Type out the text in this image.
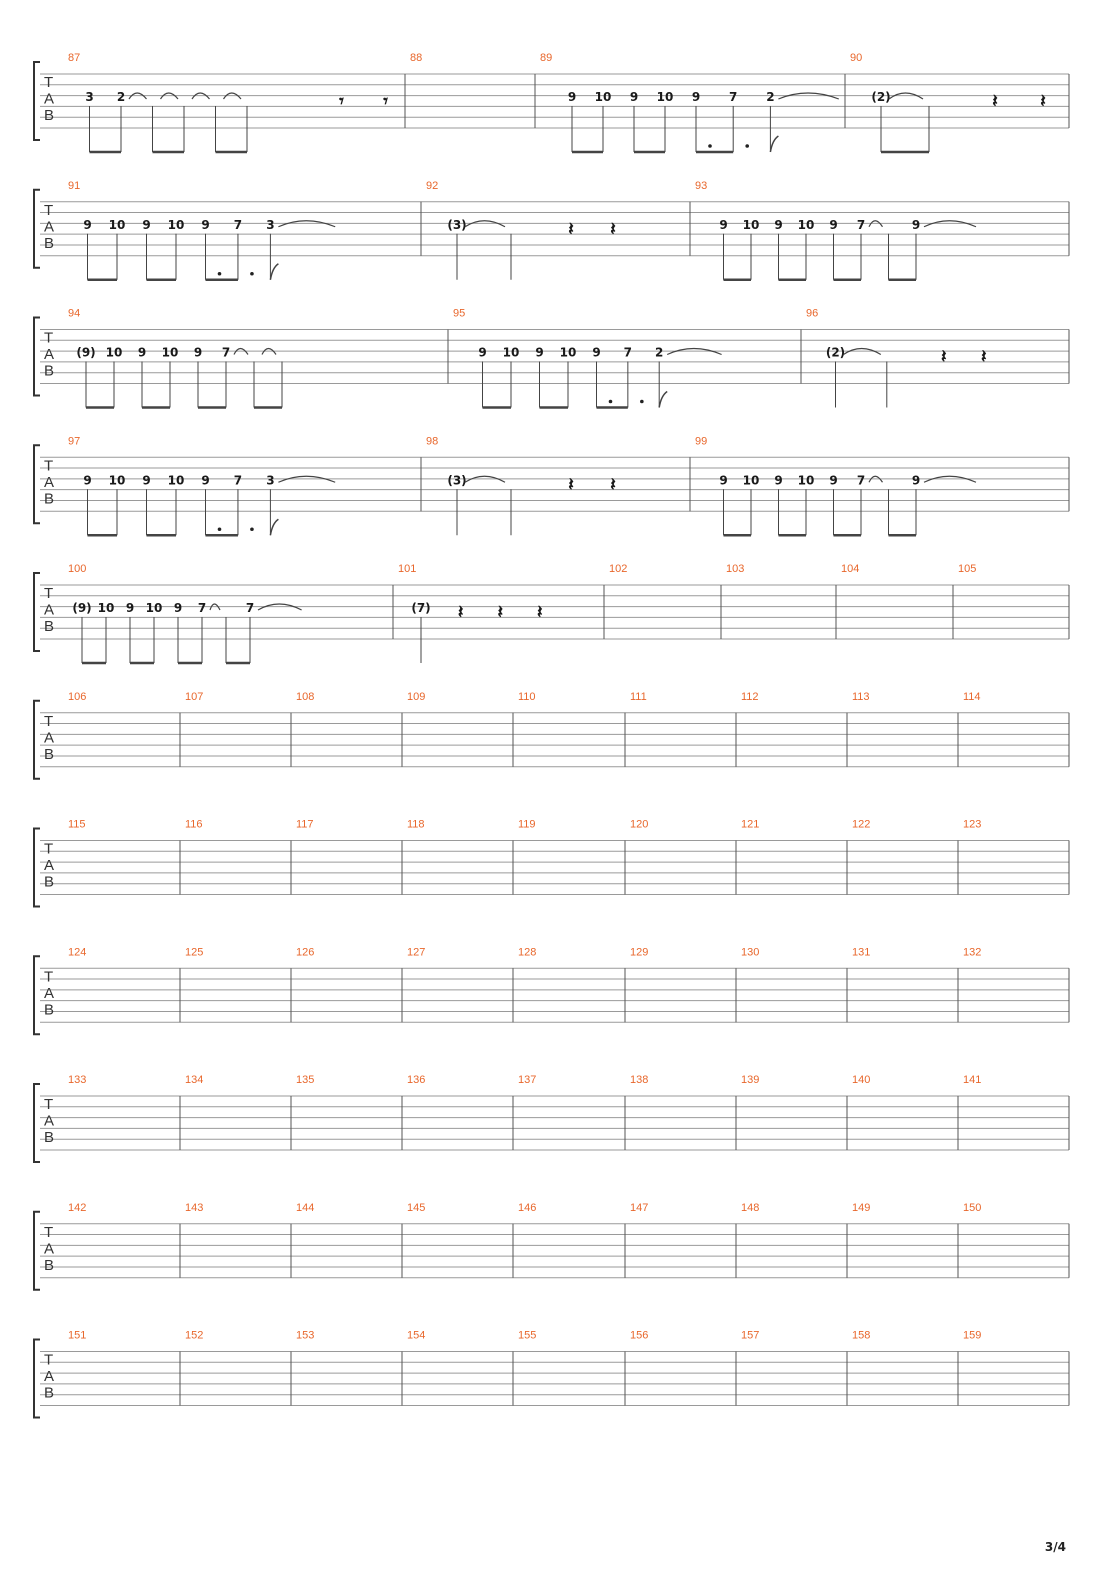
T
A
B
87
3 2	𝄾 𝄾
88	89
9 10 9 10 9 7 2
90
(2)	𝄽 𝄽
T
A
B
91
9 10 9 10 9 7 3
92
(3)	𝄽 𝄽
93
9 10 9 10 9 7	9
T
A
B
94
(9) 10 9 10 9 7
95
9 10 9 10 9 7 2
96
(2)	𝄽 𝄽
T
A
B
97
9 10 9 10 9 7 3
98
(3)	𝄽 𝄽
99
9 10 9 10 9 7	9
T
A
B
100
(9) 10 9 10 9 7	7
101
(7) 𝄽 𝄽 𝄽
102	103	104	105
T
A
B
106	107	108	109	110	111	112	113	114
T
A
B
115	116	117	118	119	120	121	122	123
T
A
B
124	125	126	127	128	129	130	131	132
T
A
B
133	134	135	136	137	138	139	140	141
T
A
B
142	143	144	145	146	147	148	149	150
T
A
B
151	152	153	154	155	156	157	158	159
3/4
